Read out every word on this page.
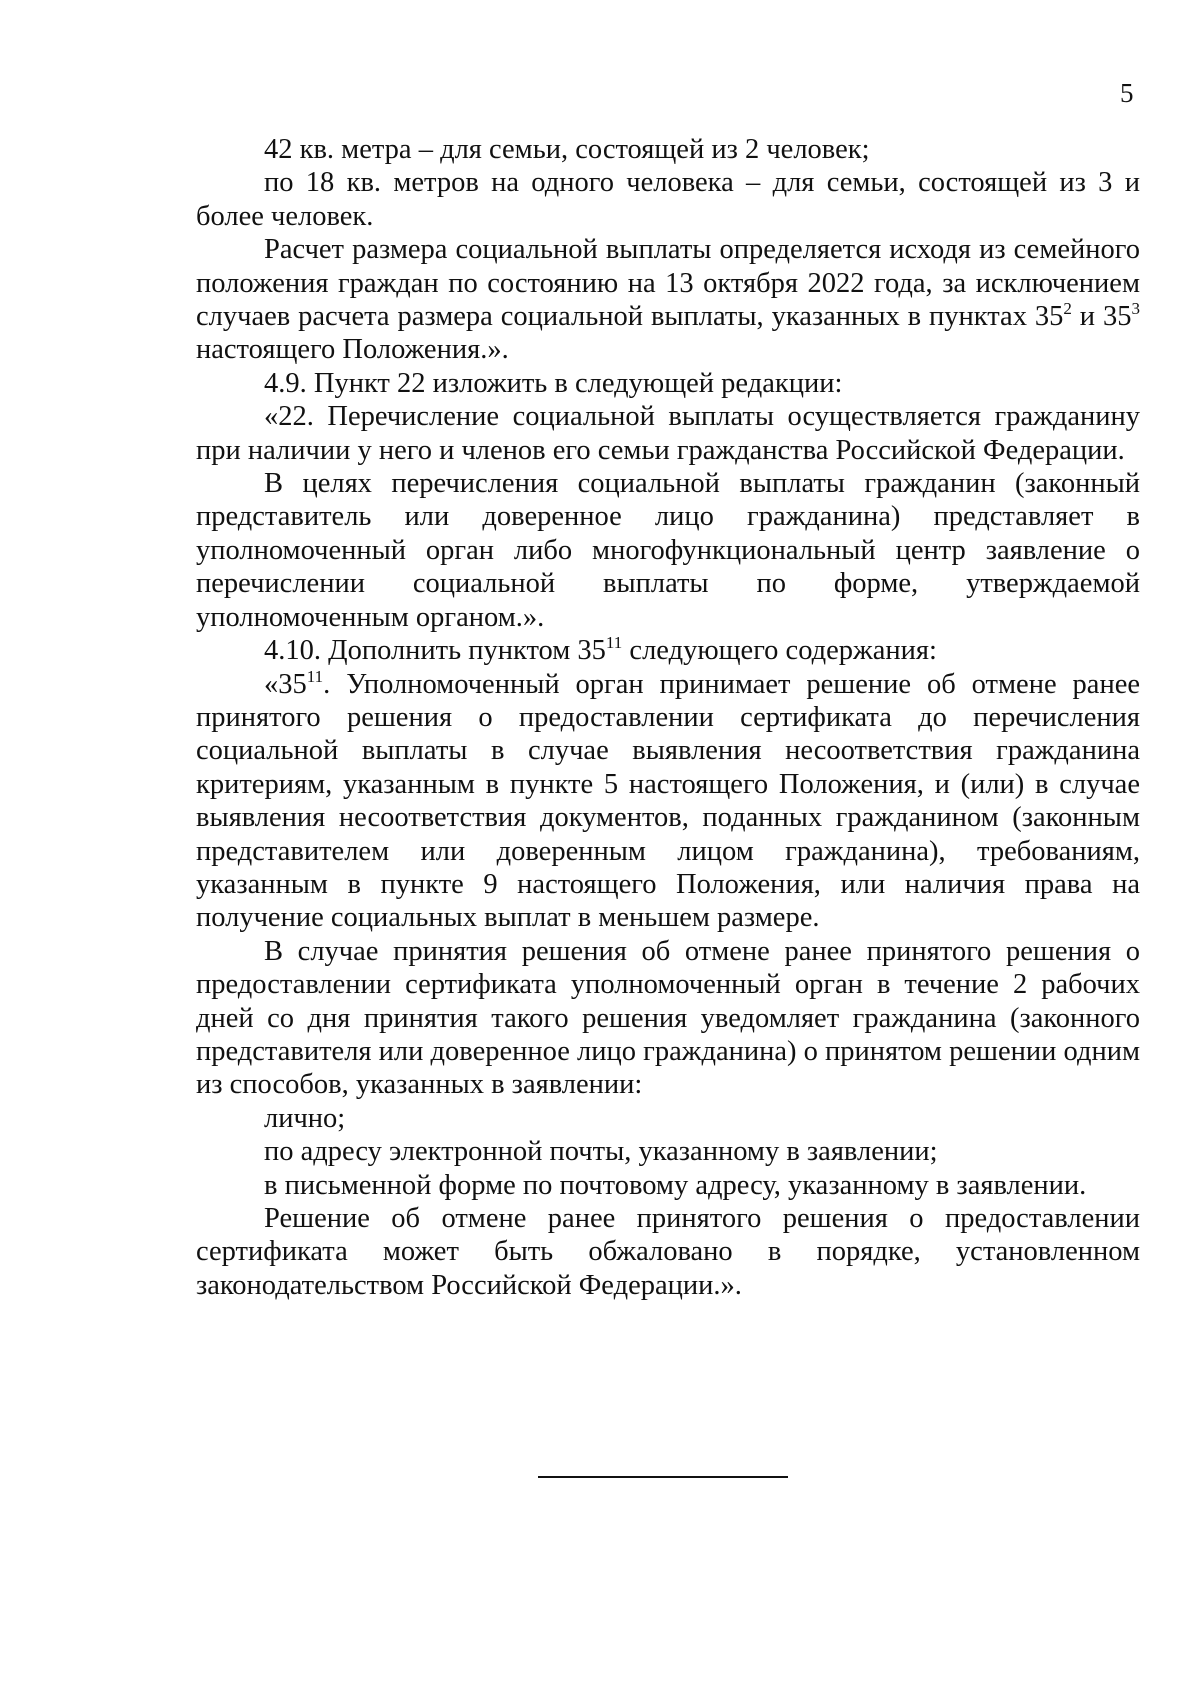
5

42 кв. метра – для семьи, состоящей из 2 человек;

по 18 кв. метров на одного человека – для семьи, состоящей из 3 и более человек.

Расчет размера социальной выплаты определяется исходя из семейного положения граждан по состоянию на 13 октября 2022 года, за исключением случаев расчета размера социальной выплаты, указанных в пунктах $35^2$ и $35^3$ настоящего Положения.».

4.9. Пункт 22 изложить в следующей редакции:

«22. Перечисление социальной выплаты осуществляется гражданину при наличии у него и членов его семьи гражданства Российской Федерации.

В целях перечисления социальной выплаты гражданин (законный представитель или доверенное лицо гражданина) представляет в уполномоченный орган либо многофункциональный центр заявление о перечислении социальной выплаты по форме, утверждаемой уполномоченным органом.».

4.10. Дополнить пунктом $35^{11}$ следующего содержания:

«$35^{11}$. Уполномоченный орган принимает решение об отмене ранее принятого решения о предоставлении сертификата до перечисления социальной выплаты в случае выявления несоответствия гражданина критериям, указанным в пункте 5 настоящего Положения, и (или) в случае выявления несоответствия документов, поданных гражданином (законным представителем или доверенным лицом гражданина), требованиям, указанным в пункте 9 настоящего Положения, или наличия права на получение социальных выплат в меньшем размере.

В случае принятия решения об отмене ранее принятого решения о предоставлении сертификата уполномоченный орган в течение 2 рабочих дней со дня принятия такого решения уведомляет гражданина (законного представителя или доверенное лицо гражданина) о принятом решении одним из способов, указанных в заявлении:

лично;

по адресу электронной почты, указанному в заявлении;

в письменной форме по почтовому адресу, указанному в заявлении.

Решение об отмене ранее принятого решения о предоставлении сертификата может быть обжаловано в порядке, установленном законодательством Российской Федерации.».
